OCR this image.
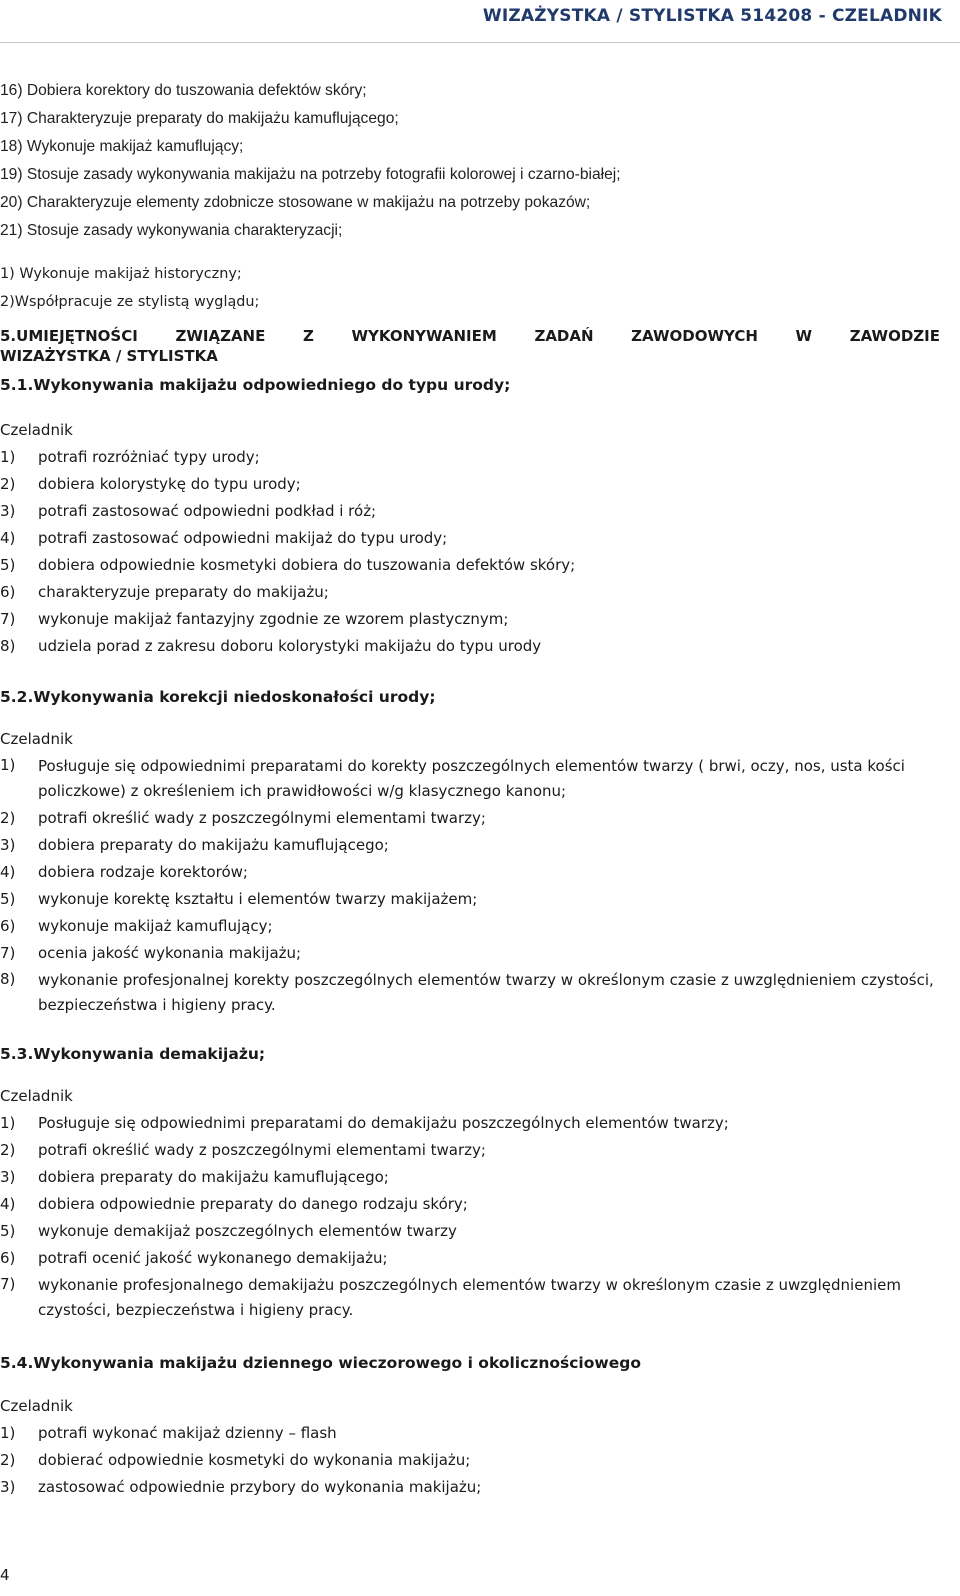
WIZAŻYSTKA / STYLISTKA 514208 - CZELADNIK
16) Dobiera korektory do tuszowania defektów skóry;
17) Charakteryzuje preparaty do makijażu kamuflującego;
18) Wykonuje makijaż kamuflujący;
19) Stosuje zasady wykonywania makijażu na potrzeby fotografii kolorowej i czarno-białej;
20) Charakteryzuje elementy zdobnicze stosowane w makijażu na potrzeby pokazów;
21) Stosuje zasady wykonywania charakteryzacji;
1) Wykonuje makijaż historyczny;
2)Współpracuje ze stylistą wyglądu;
5.UMIEJĘTNOŚCI ZWIĄZANE Z WYKONYWANIEM ZADAŃ ZAWODOWYCH W ZAWODZIE
WIZAŻYSTKA / STYLISTKA
5.1.Wykonywania makijażu odpowiedniego do typu urody;
Czeladnik
1) potrafi rozróżniać typy urody;
2) dobiera kolorystykę do typu urody;
3) potrafi zastosować odpowiedni podkład i róż;
4) potrafi zastosować odpowiedni makijaż do typu urody;
5) dobiera odpowiednie kosmetyki dobiera do tuszowania defektów skóry;
6) charakteryzuje preparaty do makijażu;
7) wykonuje makijaż fantazyjny zgodnie ze wzorem plastycznym;
8) udziela porad z zakresu doboru kolorystyki makijażu do typu urody
5.2.Wykonywania korekcji niedoskonałości urody;
Czeladnik
1) Posługuje się odpowiednimi preparatami do korekty poszczególnych elementów twarzy ( brwi, oczy, nos, usta kości policzkowe) z określeniem ich prawidłowości w/g klasycznego kanonu;
2) potrafi określić wady z poszczególnymi elementami twarzy;
3) dobiera preparaty do makijażu kamuflującego;
4) dobiera rodzaje korektorów;
5) wykonuje korektę kształtu i elementów twarzy makijażem;
6) wykonuje makijaż kamuflujący;
7) ocenia jakość wykonania makijażu;
8) wykonanie profesjonalnej korekty poszczególnych elementów twarzy w określonym czasie z uwzględnieniem czystości, bezpieczeństwa i higieny pracy.
5.3.Wykonywania demakijażu;
Czeladnik
1) Posługuje się odpowiednimi preparatami do demakijażu poszczególnych elementów twarzy;
2) potrafi określić wady z poszczególnymi elementami twarzy;
3) dobiera preparaty do makijażu kamuflującego;
4) dobiera odpowiednie preparaty do danego rodzaju skóry;
5) wykonuje demakijaż poszczególnych elementów twarzy
6) potrafi ocenić jakość wykonanego demakijażu;
7) wykonanie profesjonalnego demakijażu poszczególnych elementów twarzy w określonym czasie z uwzględnieniem czystości, bezpieczeństwa i higieny pracy.
5.4.Wykonywania makijażu dziennego wieczorowego i okolicznościowego
Czeladnik
1) potrafi wykonać makijaż dzienny – flash
2) dobierać odpowiednie kosmetyki do wykonania makijażu;
3) zastosować odpowiednie przybory do wykonania makijażu;
4
